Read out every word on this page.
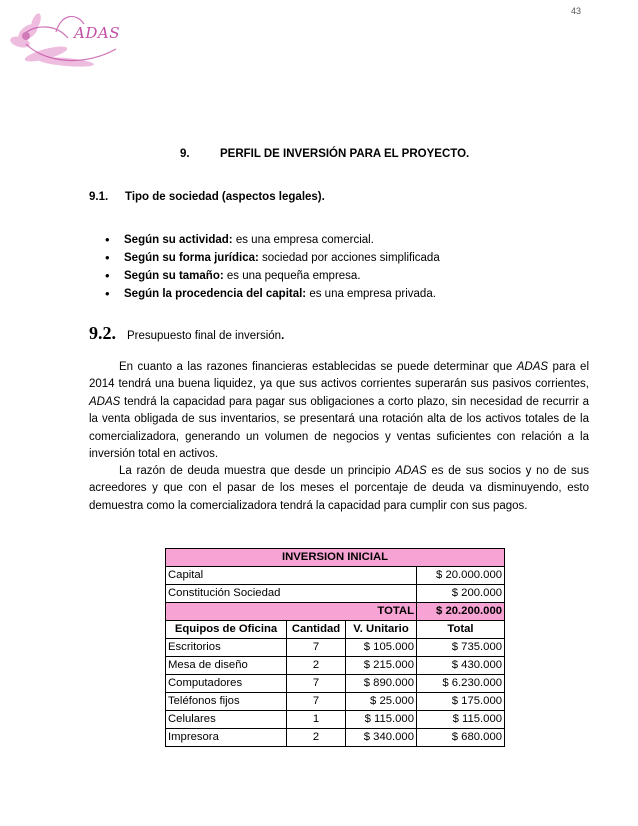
43
ADAS
9.	PERFIL DE INVERSIÓN PARA EL PROYECTO.
9.1. Tipo de sociedad (aspectos legales).
• Según su actividad: es una empresa comercial.
• Según su forma jurídica: sociedad por acciones simplificada
• Según su tamaño: es una pequeña empresa.
• Según la procedencia del capital: es una empresa privada.
9.2. Presupuesto final de inversión.

En cuanto a las razones financieras establecidas se puede determinar que ADAS para el 2014 tendrá una buena liquidez, ya que sus activos corrientes superarán sus pasivos corrientes, ADAS tendrá la capacidad para pagar sus obligaciones a corto plazo, sin necesidad de recurrir a la venta obligada de sus inventarios, se presentará una rotación alta de los activos totales de la comercializadora, generando un volumen de negocios y ventas suficientes con relación a la inversión total en activos.

La razón de deuda muestra que desde un principio ADAS es de sus socios y no de sus acreedores y que con el pasar de los meses el porcentaje de deuda va disminuyendo, esto demuestra como la comercializadora tendrá la capacidad para cumplir con sus pagos.

INVERSION INICIAL			
Capital			$ 20.000.000
Constitución Sociedad			$ 200.000
TOTAL			$ 20.200.000
Equipos de Oficina	Cantidad	V. Unitario	Total
Escritorios	7	$ 105.000	$ 735.000
Mesa de diseño	2	$ 215.000	$ 430.000
Computadores	7	$ 890.000	$ 6.230.000
Teléfonos fijos	7	$ 25.000	$ 175.000
Celulares	1	$ 115.000	$ 115.000
Impresora	2	$ 340.000	$ 680.000
